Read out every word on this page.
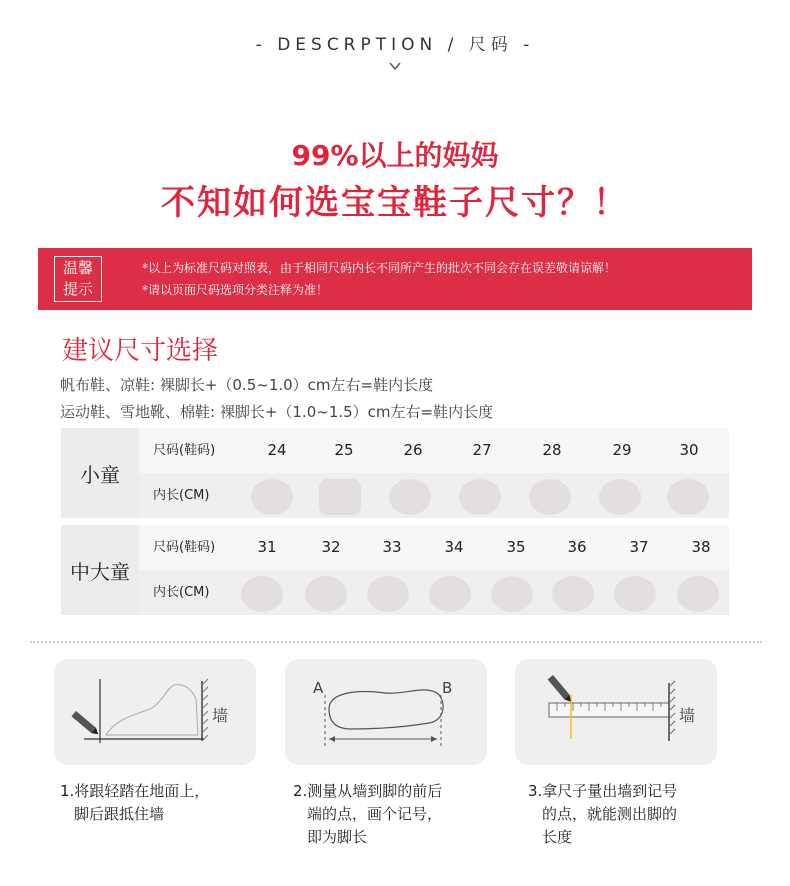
- DESCRPTION / 尺码 -
99%以上的妈妈
不知如何选宝宝鞋子尺寸？！
温馨
提示
*以上为标准尺码对照表，由于相同尺码内长不同所产生的批次不同会存在误差敬请谅解！
*请以页面尺码选项分类注释为准！
建议尺寸选择
帆布鞋、凉鞋: 裸脚长+（0.5~1.0）cm左右=鞋内长度
运动鞋、雪地靴、棉鞋: 裸脚长+（1.0~1.5）cm左右=鞋内长度
小童
尺码(鞋码)	24	25	26	27	28	29	30
内长(CM)
中大童
尺码(鞋码)	31	32	33	34	35	36	37	38
内长(CM)
墙
A	B
墙
1.将跟轻踏在地面上，
脚后跟抵住墙
2.测量从墙到脚的前后
端的点，画个记号，
即为脚长
3.拿尺子量出墙到记号
的点，就能测出脚的
长度
